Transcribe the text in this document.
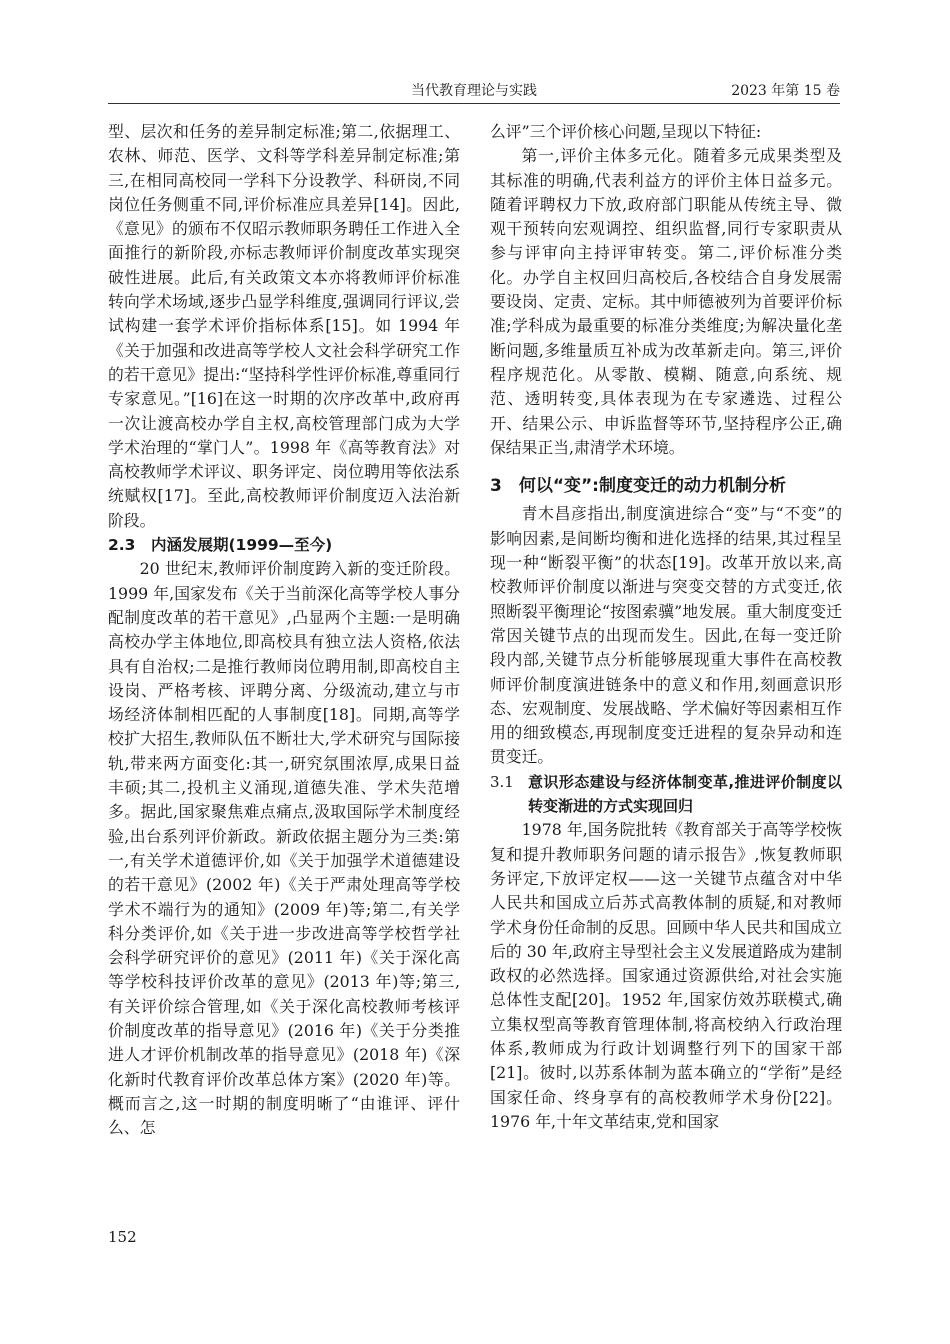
当代教育理论与实践	2023 年第 15 卷

型、层次和任务的差异制定标准;第二,依据理工、农林、师范、医学、文科等学科差异制定标准;第三,在相同高校同一学科下分设教学、科研岗,不同岗位任务侧重不同,评价标准应具差异[14]。因此,《意见》的颁布不仅昭示教师职务聘任工作进入全面推行的新阶段,亦标志教师评价制度改革实现突破性进展。此后,有关政策文本亦将教师评价标准转向学术场域,逐步凸显学科维度,强调同行评议,尝试构建一套学术评价指标体系[15]。如 1994 年《关于加强和改进高等学校人文社会科学研究工作的若干意见》提出:“坚持科学性评价标准,尊重同行专家意见。”[16]在这一时期的次序改革中,政府再一次让渡高校办学自主权,高校管理部门成为大学学术治理的“掌门人”。1998 年《高等教育法》对高校教师学术评议、职务评定、岗位聘用等依法系统赋权[17]。至此,高校教师评价制度迈入法治新阶段。

2.3　内涵发展期(1999—至今)

20 世纪末,教师评价制度跨入新的变迁阶段。1999 年,国家发布《关于当前深化高等学校人事分配制度改革的若干意见》,凸显两个主题:一是明确高校办学主体地位,即高校具有独立法人资格,依法具有自治权;二是推行教师岗位聘用制,即高校自主设岗、严格考核、评聘分离、分级流动,建立与市场经济体制相匹配的人事制度[18]。同期,高等学校扩大招生,教师队伍不断壮大,学术研究与国际接轨,带来两方面变化:其一,研究氛围浓厚,成果日益丰硕;其二,投机主义涌现,道德失准、学术失范增多。据此,国家聚焦难点痛点,汲取国际学术制度经验,出台系列评价新政。新政依据主题分为三类:第一,有关学术道德评价,如《关于加强学术道德建设的若干意见》(2002 年)《关于严肃处理高等学校学术不端行为的通知》(2009 年)等;第二,有关学科分类评价,如《关于进一步改进高等学校哲学社会科学研究评价的意见》(2011 年)《关于深化高等学校科技评价改革的意见》(2013 年)等;第三,有关评价综合管理,如《关于深化高校教师考核评价制度改革的指导意见》(2016 年)《关于分类推进人才评价机制改革的指导意见》(2018 年)《深化新时代教育评价改革总体方案》(2020 年)等。概而言之,这一时期的制度明晰了“由谁评、评什么、怎

么评”三个评价核心问题,呈现以下特征:

第一,评价主体多元化。随着多元成果类型及其标准的明确,代表利益方的评价主体日益多元。随着评聘权力下放,政府部门职能从传统主导、微观干预转向宏观调控、组织监督,同行专家职责从参与评审向主持评审转变。第二,评价标准分类化。办学自主权回归高校后,各校结合自身发展需要设岗、定责、定标。其中师德被列为首要评价标准;学科成为最重要的标准分类维度;为解决量化垄断问题,多维量质互补成为改革新走向。第三,评价程序规范化。从零散、模糊、随意,向系统、规范、透明转变,具体表现为在专家遴选、过程公开、结果公示、申诉监督等环节,坚持程序公正,确保结果正当,肃清学术环境。

3　何以“变”:制度变迁的动力机制分析

青木昌彦指出,制度演进综合“变”与“不变”的影响因素,是间断均衡和进化选择的结果,其过程呈现一种“断裂平衡”的状态[19]。改革开放以来,高校教师评价制度以渐进与突变交替的方式变迁,依照断裂平衡理论“按图索骥”地发展。重大制度变迁常因关键节点的出现而发生。因此,在每一变迁阶段内部,关键节点分析能够展现重大事件在高校教师评价制度演进链条中的意义和作用,刻画意识形态、宏观制度、发展战略、学术偏好等因素相互作用的细致模态,再现制度变迁进程的复杂异动和连贯变迁。

3.1 意识形态建设与经济体制变革,推进评价制度以转变渐进的方式实现回归

1978 年,国务院批转《教育部关于高等学校恢复和提升教师职务问题的请示报告》,恢复教师职务评定,下放评定权——这一关键节点蕴含对中华人民共和国成立后苏式高教体制的质疑,和对教师学术身份任命制的反思。回顾中华人民共和国成立后的 30 年,政府主导型社会主义发展道路成为建制政权的必然选择。国家通过资源供给,对社会实施总体性支配[20]。1952 年,国家仿效苏联模式,确立集权型高等教育管理体制,将高校纳入行政治理体系,教师成为行政计划调整行列下的国家干部[21]。彼时,以苏系体制为蓝本确立的“学衔”是经国家任命、终身享有的高校教师学术身份[22]。1976 年,十年文革结束,党和国家

152
